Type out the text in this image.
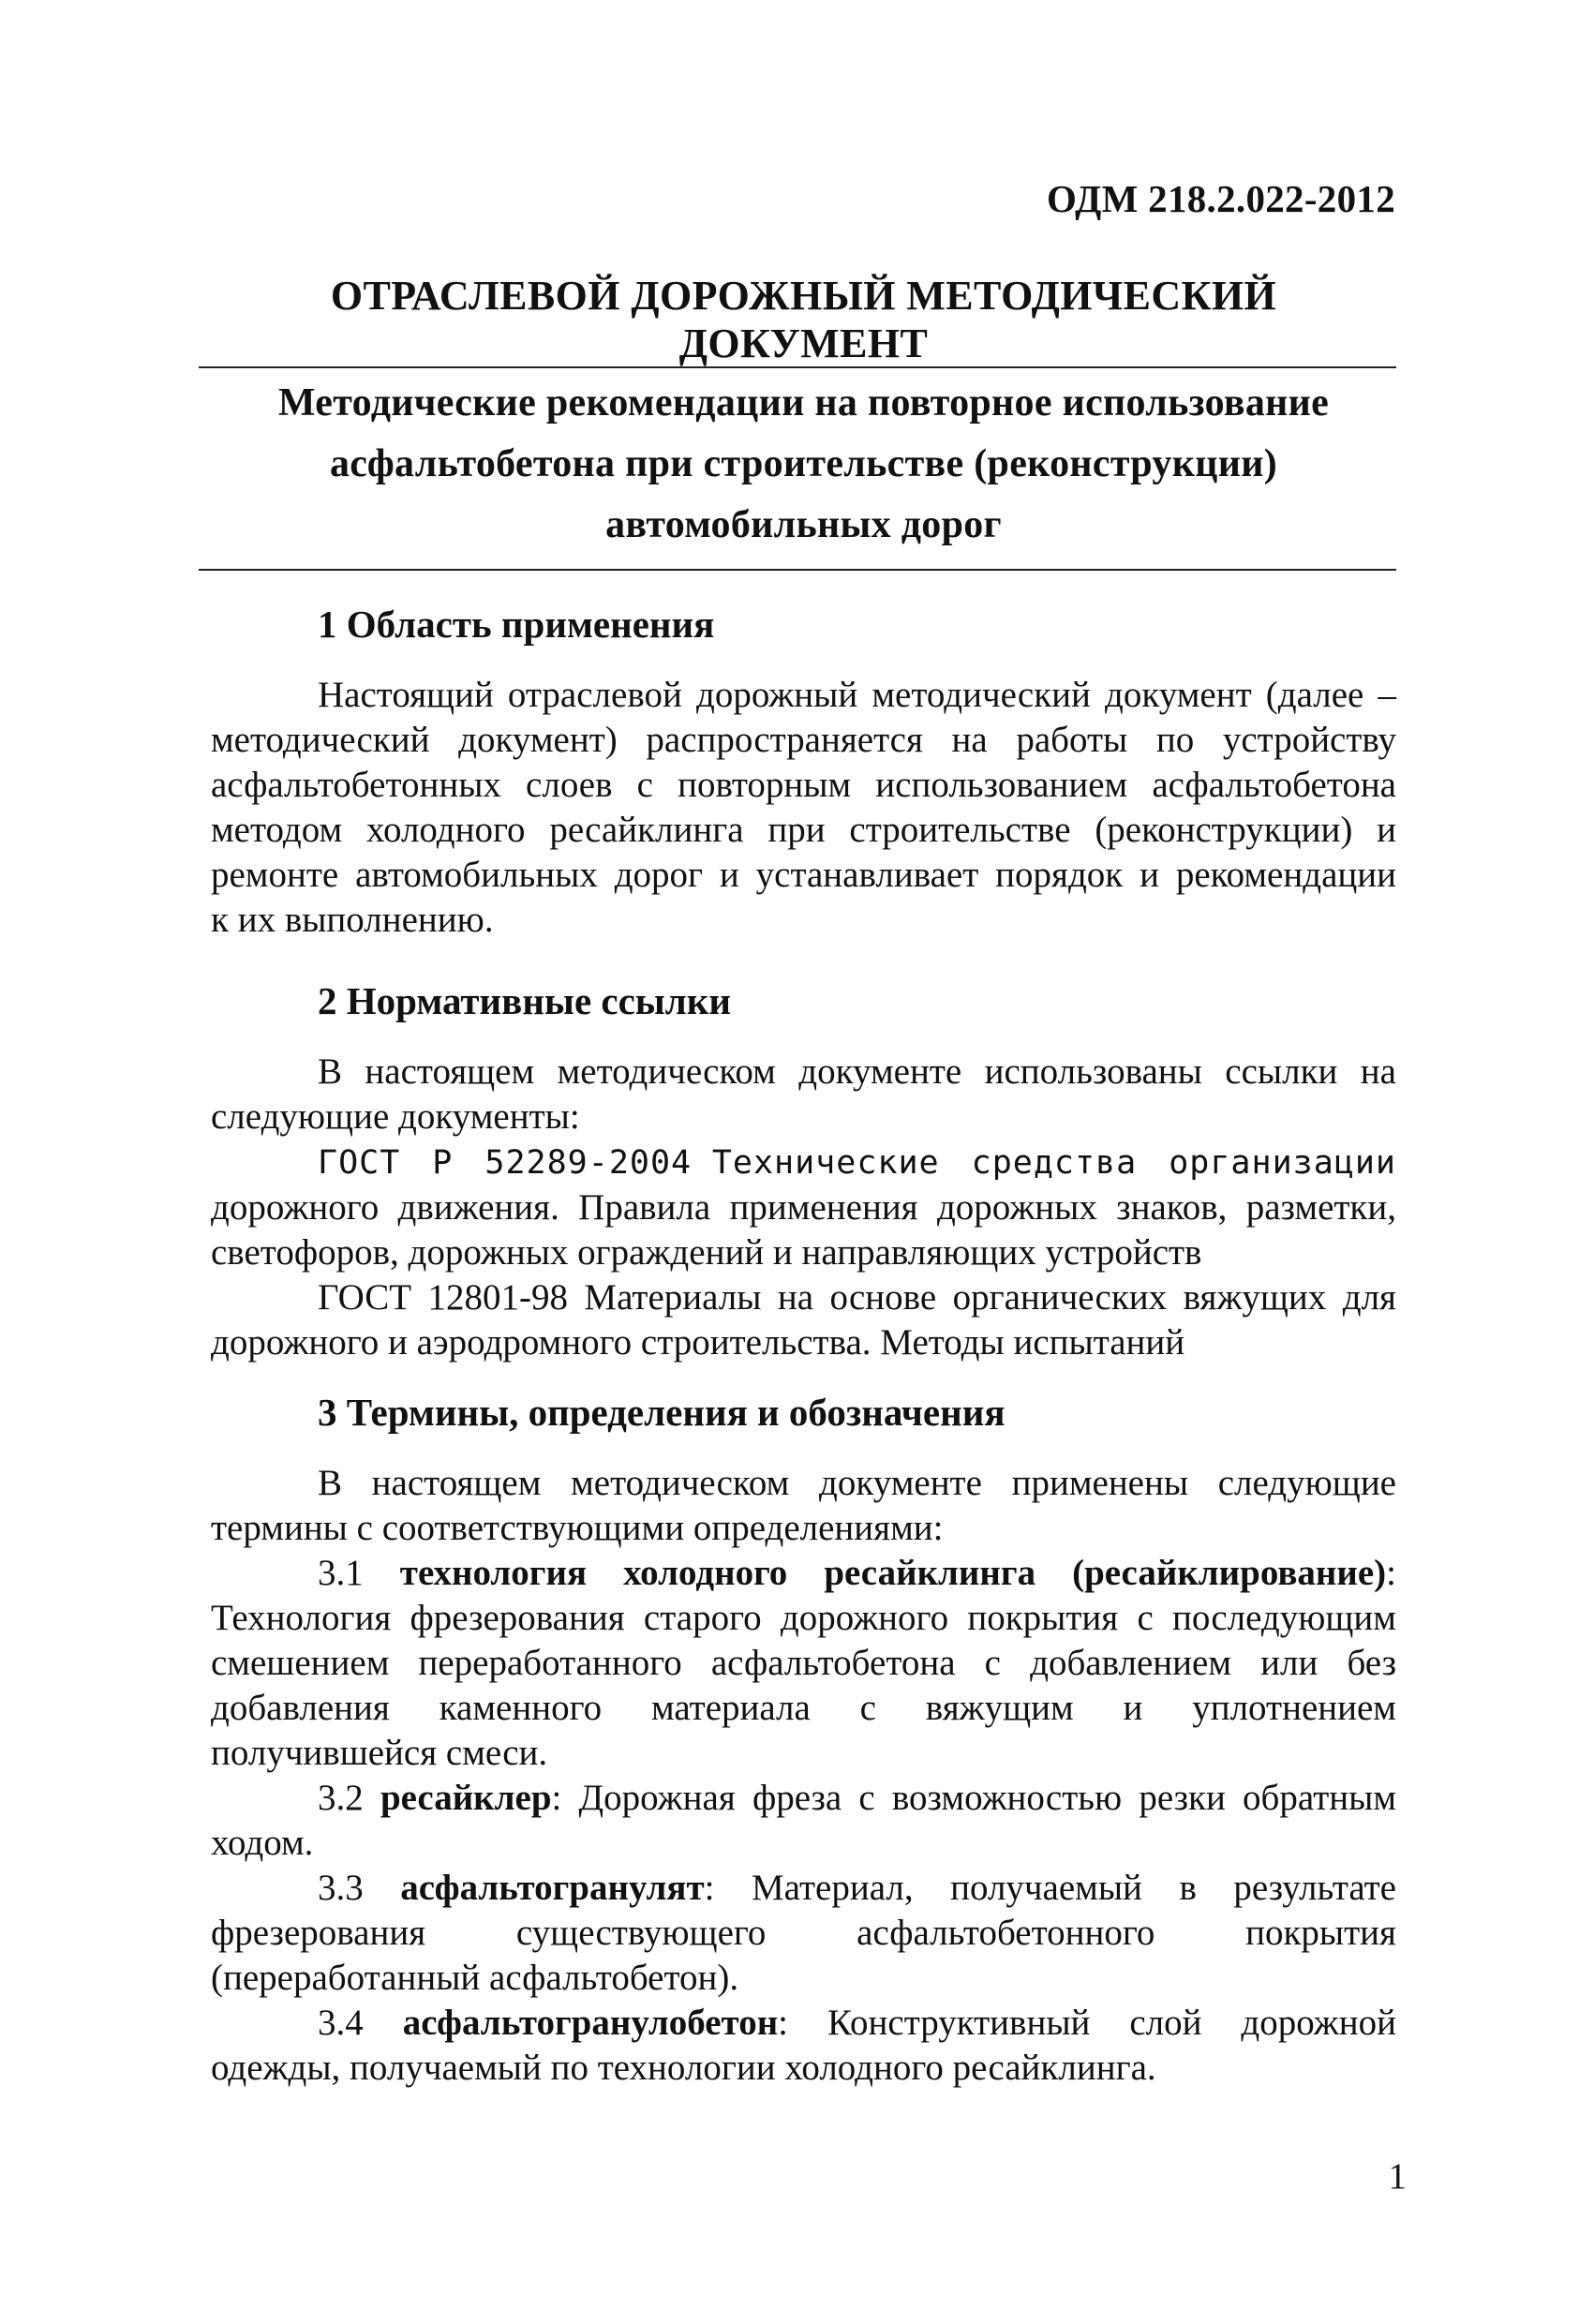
ОДМ 218.2.022-2012
ОТРАСЛЕВОЙ ДОРОЖНЫЙ МЕТОДИЧЕСКИЙ ДОКУМЕНТ
Методические рекомендации на повторное использование
асфальтобетона при строительстве (реконструкции)
автомобильных дорог
1 Область применения
Настоящий отраслевой дорожный методический документ (далее –
методический документ) распространяется на работы по устройству
асфальтобетонных слоев с повторным использованием асфальтобетона
методом холодного ресайклинга при строительстве (реконструкции) и
ремонте автомобильных дорог и устанавливает порядок и рекомендации
к их выполнению.
2 Нормативные ссылки
В настоящем методическом документе использованы ссылки на
следующие документы:
ГОСТ Р 52289-2004 Технические средства организации
дорожного движения. Правила применения дорожных знаков, разметки,
светофоров, дорожных ограждений и направляющих устройств
ГОСТ 12801-98 Материалы на основе органических вяжущих для
дорожного и аэродромного строительства. Методы испытаний
3 Термины, определения и обозначения
В настоящем методическом документе применены следующие
термины с соответствующими определениями:
3.1 технология холодного ресайклинга (ресайклирование):
Технология фрезерования старого дорожного покрытия с последующим
смешением переработанного асфальтобетона с добавлением или без
добавления каменного материала с вяжущим и уплотнением
получившейся смеси.
3.2 ресайклер: Дорожная фреза с возможностью резки обратным
ходом.
3.3 асфальтогранулят: Материал, получаемый в результате
фрезерования существующего асфальтобетонного покрытия
(переработанный асфальтобетон).
3.4 асфальтогранулобетон: Конструктивный слой дорожной
одежды, получаемый по технологии холодного ресайклинга.
1
